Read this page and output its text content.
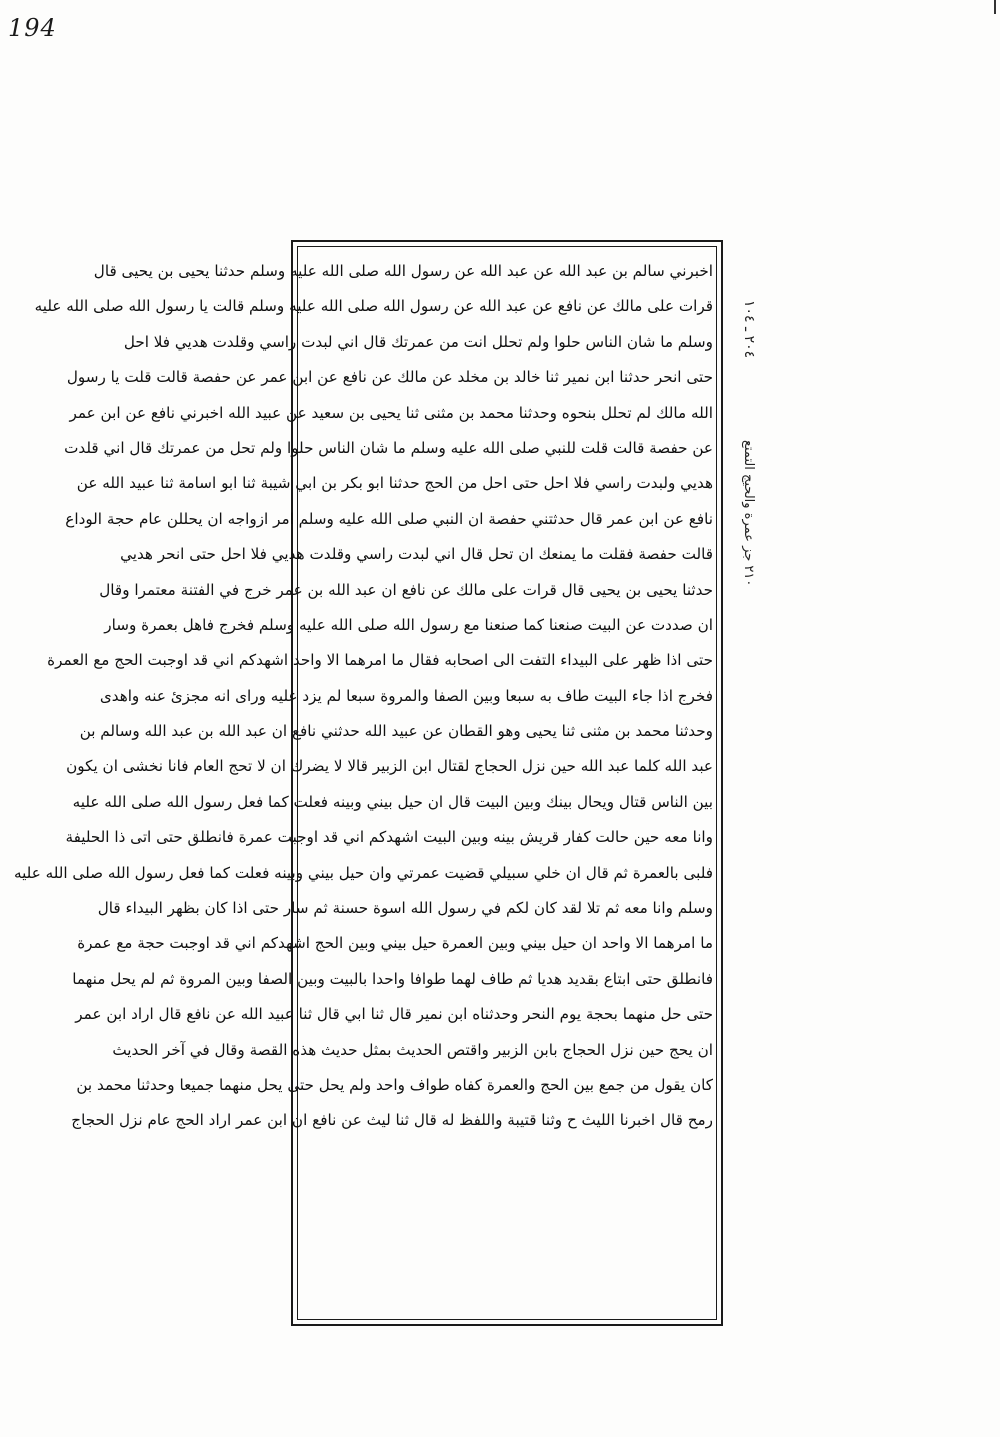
194
اخبرني سالم بن عبد الله عن عبد الله عن رسول الله صلى الله عليه وسلم حدثنا يحيى بن يحيى قال
قرات على مالك عن نافع عن عبد الله عن رسول الله صلى الله عليه وسلم قالت يا رسول الله صلى الله عليه
وسلم ما شان الناس حلوا ولم تحلل انت من عمرتك قال اني لبدت راسي وقلدت هديي فلا احل
حتى انحر حدثنا ابن نمير ثنا خالد بن مخلد عن مالك عن نافع عن ابن عمر عن حفصة قالت قلت يا رسول
الله مالك لم تحلل بنحوه وحدثنا محمد بن مثنى ثنا يحيى بن سعيد عن عبيد الله اخبرني نافع عن ابن عمر
عن حفصة قالت قلت للنبي صلى الله عليه وسلم ما شان الناس حلوا ولم تحل من عمرتك قال اني قلدت
هديي ولبدت راسي فلا احل حتى احل من الحج حدثنا ابو بكر بن ابي شيبة ثنا ابو اسامة ثنا عبيد الله عن
نافع عن ابن عمر قال حدثتني حفصة ان النبي صلى الله عليه وسلم امر ازواجه ان يحللن عام حجة الوداع
قالت حفصة فقلت ما يمنعك ان تحل قال اني لبدت راسي وقلدت هديي فلا احل حتى انحر هديي
حدثنا يحيى بن يحيى قال قرات على مالك عن نافع ان عبد الله بن عمر خرج في الفتنة معتمرا وقال
ان صددت عن البيت صنعنا كما صنعنا مع رسول الله صلى الله عليه وسلم فخرج فاهل بعمرة وسار
حتى اذا ظهر على البيداء التفت الى اصحابه فقال ما امرهما الا واحد اشهدكم اني قد اوجبت الحج مع العمرة
فخرج اذا جاء البيت طاف به سبعا وبين الصفا والمروة سبعا لم يزد عليه وراى انه مجزئ عنه واهدى
وحدثنا محمد بن مثنى ثنا يحيى وهو القطان عن عبيد الله حدثني نافع ان عبد الله بن عبد الله وسالم بن
عبد الله كلما عبد الله حين نزل الحجاج لقتال ابن الزبير قالا لا يضرك ان لا تحج العام فانا نخشى ان يكون
بين الناس قتال ويحال بينك وبين البيت قال ان حيل بيني وبينه فعلت كما فعل رسول الله صلى الله عليه
وانا معه حين حالت كفار قريش بينه وبين البيت اشهدكم اني قد اوجبت عمرة فانطلق حتى اتى ذا الحليفة
فلبى بالعمرة ثم قال ان خلي سبيلي قضيت عمرتي وان حيل بيني وبينه فعلت كما فعل رسول الله صلى الله عليه
وسلم وانا معه ثم تلا لقد كان لكم في رسول الله اسوة حسنة ثم سار حتى اذا كان بظهر البيداء قال
ما امرهما الا واحد ان حيل بيني وبين العمرة حيل بيني وبين الحج اشهدكم اني قد اوجبت حجة مع عمرة
فانطلق حتى ابتاع بقديد هديا ثم طاف لهما طوافا واحدا بالبيت وبين الصفا وبين المروة ثم لم يحل منهما
حتى حل منهما بحجة يوم النحر وحدثناه ابن نمير قال ثنا ابي قال ثنا عبيد الله عن نافع قال اراد ابن عمر
ان يحج حين نزل الحجاج بابن الزبير واقتص الحديث بمثل حديث هذه القصة وقال في آخر الحديث
كان يقول من جمع بين الحج والعمرة كفاه طواف واحد ولم يحل حتى يحل منهما جميعا وحدثنا محمد بن
رمح قال اخبرنا الليث ح وثنا قتيبة واللفظ له قال ثنا ليث عن نافع ان ابن عمر اراد الحج عام نزل الحجاج
٢٠٤ ـ ١٠٤
٢١٠ جز عمرة والحيج التمتع
